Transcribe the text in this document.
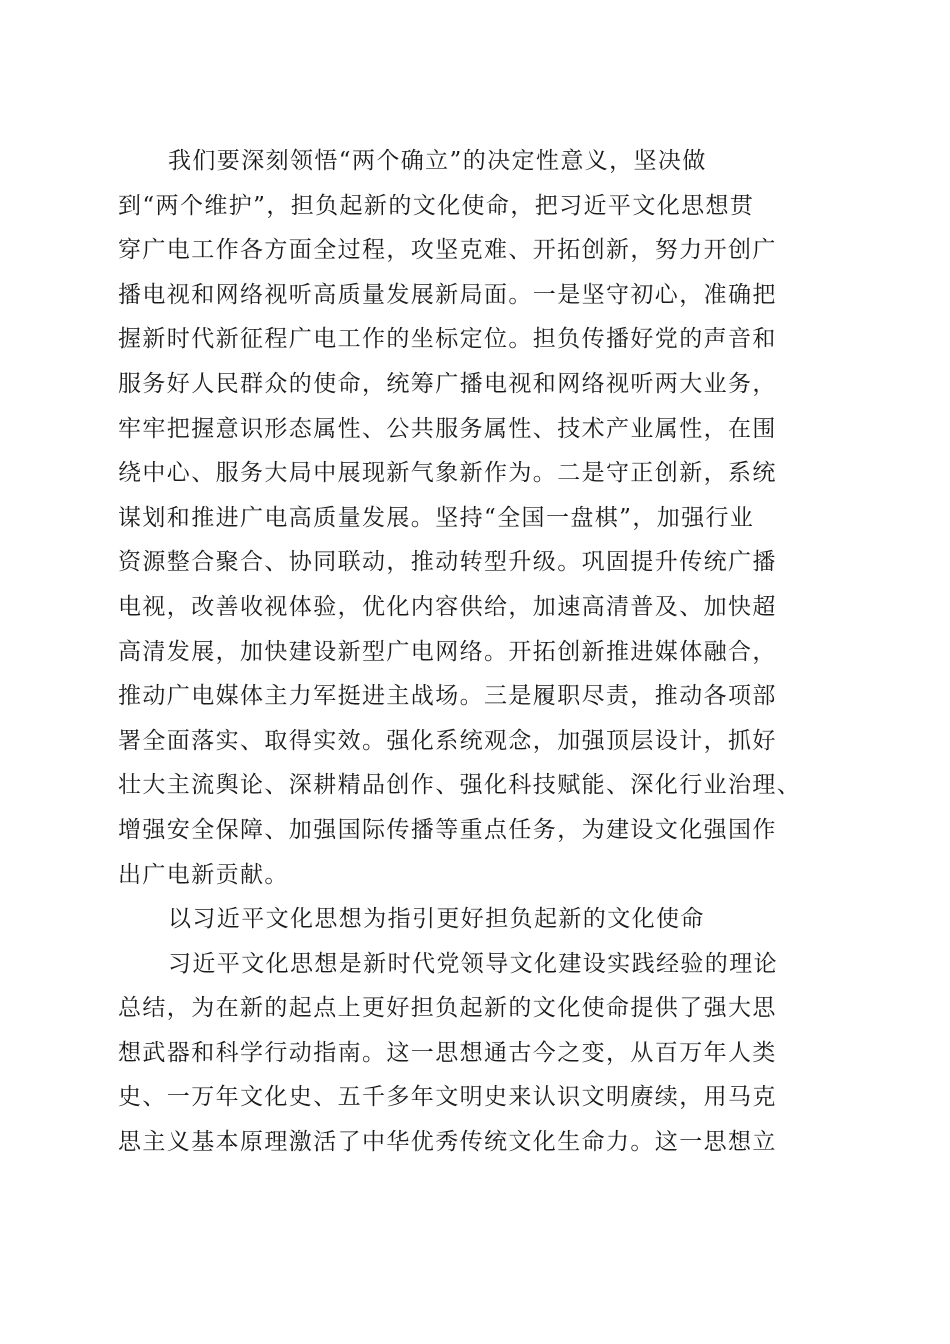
我们要深刻领悟“两个确立”的决定性意义，坚决做
到“两个维护”，担负起新的文化使命，把习近平文化思想贯
穿广电工作各方面全过程，攻坚克难、开拓创新，努力开创广
播电视和网络视听高质量发展新局面。一是坚守初心，准确把
握新时代新征程广电工作的坐标定位。担负传播好党的声音和
服务好人民群众的使命，统筹广播电视和网络视听两大业务，
牢牢把握意识形态属性、公共服务属性、技术产业属性，在围
绕中心、服务大局中展现新气象新作为。二是守正创新，系统
谋划和推进广电高质量发展。坚持“全国一盘棋”，加强行业
资源整合聚合、协同联动，推动转型升级。巩固提升传统广播
电视，改善收视体验，优化内容供给，加速高清普及、加快超
高清发展，加快建设新型广电网络。开拓创新推进媒体融合，
推动广电媒体主力军挺进主战场。三是履职尽责，推动各项部
署全面落实、取得实效。强化系统观念，加强顶层设计，抓好
壮大主流舆论、深耕精品创作、强化科技赋能、深化行业治理、
增强安全保障、加强国际传播等重点任务，为建设文化强国作
出广电新贡献。
以习近平文化思想为指引更好担负起新的文化使命
习近平文化思想是新时代党领导文化建设实践经验的理论
总结，为在新的起点上更好担负起新的文化使命提供了强大思
想武器和科学行动指南。这一思想通古今之变，从百万年人类
史、一万年文化史、五千多年文明史来认识文明赓续，用马克
思主义基本原理激活了中华优秀传统文化生命力。这一思想立
